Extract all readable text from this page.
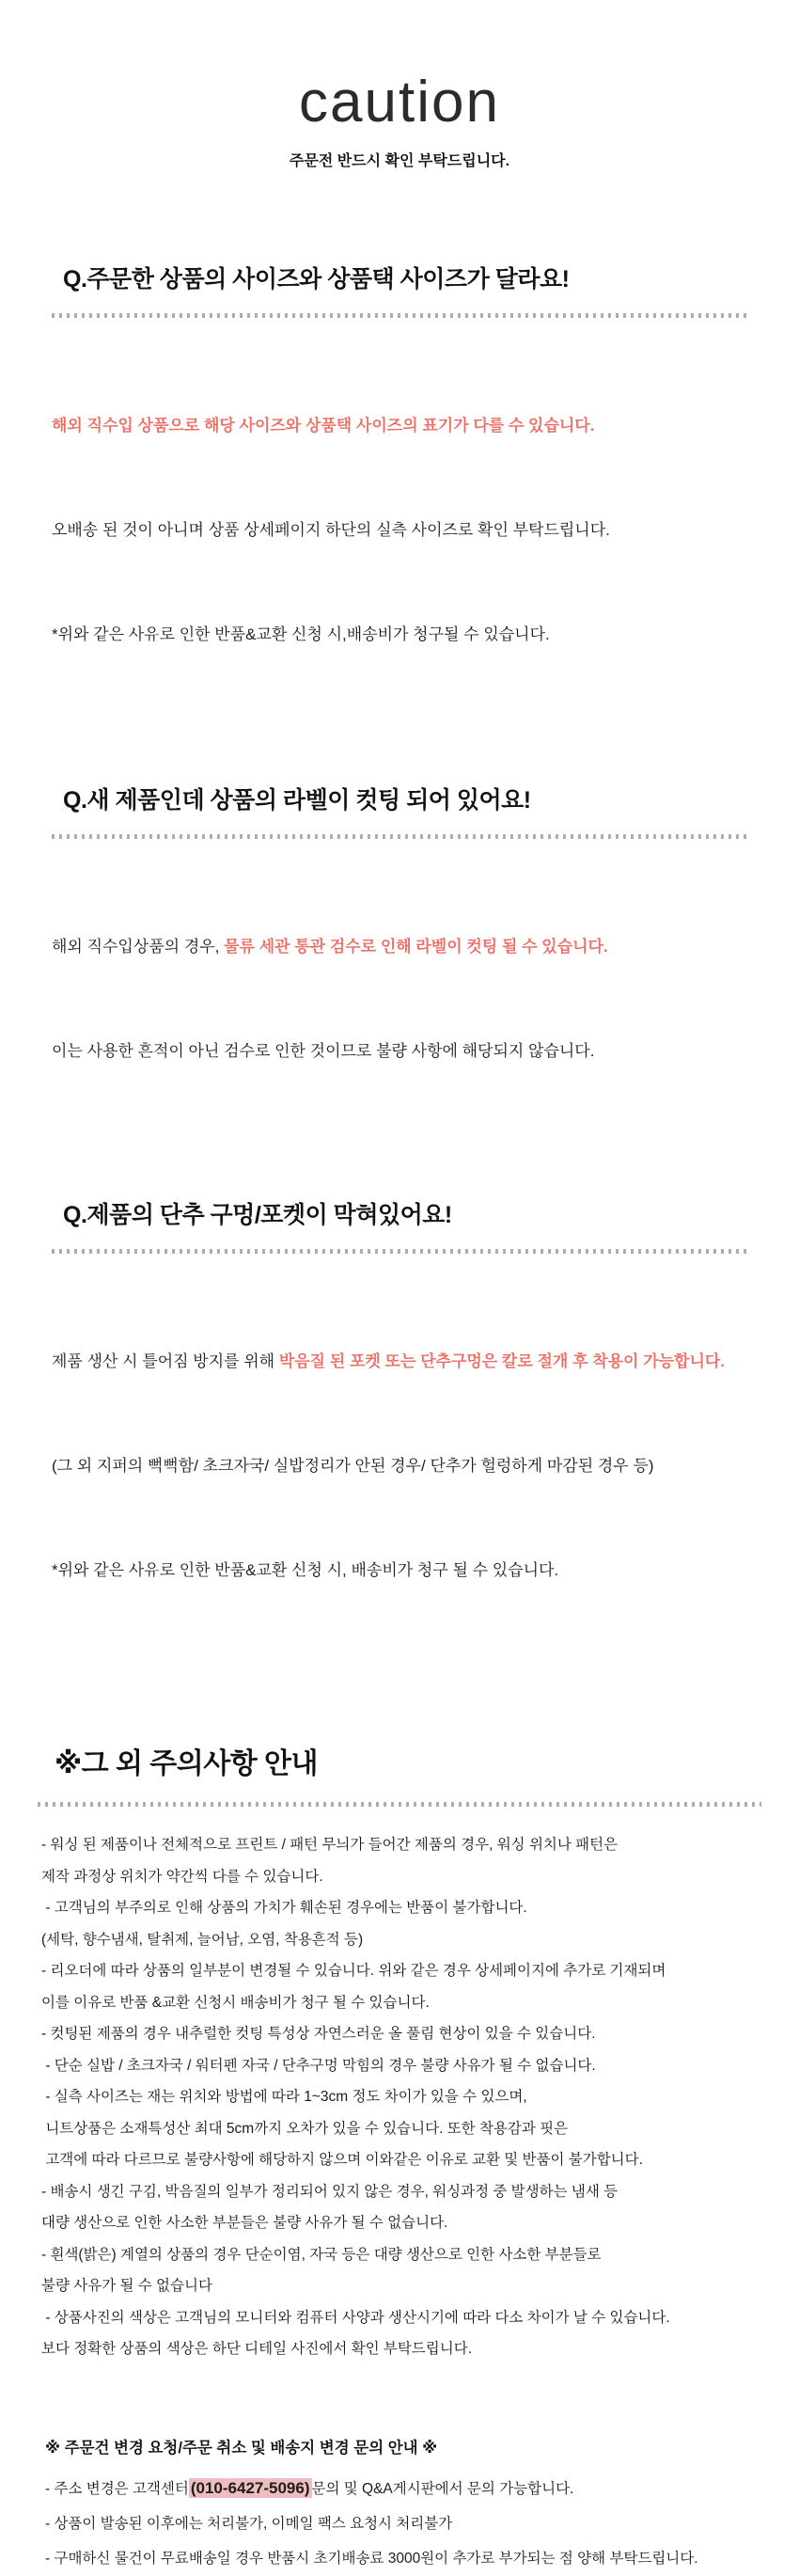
caution
주문전 반드시 확인 부탁드립니다.
Q.주문한 상품의 사이즈와 상품택 사이즈가 달라요!

해외 직수입 상품으로 해당 사이즈와 상품택 사이즈의 표기가 다를 수 있습니다.

오배송 된 것이 아니며 상품 상세페이지 하단의 실측 사이즈로 확인 부탁드립니다.

*위와 같은 사유로 인한 반품&교환 신청 시,배송비가 청구될 수 있습니다.

Q.새 제품인데 상품의 라벨이 컷팅 되어 있어요!

해외 직수입상품의 경우, 물류 세관 통관 검수로 인해 라벨이 컷팅 될 수 있습니다.

이는 사용한 흔적이 아닌 검수로 인한 것이므로 불량 사항에 해당되지 않습니다.

Q.제품의 단추 구멍/포켓이 막혀있어요!

제품 생산 시 틀어짐 방지를 위해 박음질 된 포켓 또는 단추구멍은 칼로 절개 후 착용이 가능합니다.

(그 외 지퍼의 뻑뻑함/ 초크자국/ 실밥정리가 안된 경우/ 단추가 헐렁하게 마감된 경우 등)

*위와 같은 사유로 인한 반품&교환 신청 시, 배송비가 청구 될 수 있습니다.

※그 외 주의사항 안내
- 워싱 된 제품이나 전체적으로 프린트 / 패턴 무늬가 들어간 제품의 경우, 워싱 위치나 패턴은
제작 과정상 위치가 약간씩 다를 수 있습니다.
- 고객님의 부주의로 인해 상품의 가치가 훼손된 경우에는 반품이 불가합니다.
(세탁, 향수냄새, 탈취제, 늘어남, 오염, 착용흔적 등)
- 리오더에 따라 상품의 일부분이 변경될 수 있습니다. 위와 같은 경우 상세페이지에 추가로 기재되며
이를 이유로 반품 &교환 신청시 배송비가 청구 될 수 있습니다.
- 컷팅된 제품의 경우 내추럴한 컷팅 특성상 자연스러운 올 풀림 현상이 있을 수 있습니다.
- 단순 실밥 / 초크자국 / 워터펜 자국 / 단추구멍 막힘의 경우 불량 사유가 될 수 없습니다.
- 실측 사이즈는 재는 위치와 방법에 따라 1~3cm 정도 차이가 있을 수 있으며,
니트상품은 소재특성산 최대 5cm까지 오차가 있을 수 있습니다. 또한 착용감과 핏은
고객에 따라 다르므로 불량사항에 해당하지 않으며 이와같은 이유로 교환 및 반품이 불가합니다.
- 배송시 생긴 구김, 박음질의 일부가 정리되어 있지 않은 경우, 워싱과정 중 발생하는 냄새 등
대량 생산으로 인한 사소한 부분들은 불량 사유가 될 수 없습니다.
- 흰색(밝은) 계열의 상품의 경우 단순이염, 자국 등은 대량 생산으로 인한 사소한 부분들로
불량 사유가 될 수 없습니다
- 상품사진의 색상은 고객님의 모니터와 컴퓨터 사양과 생산시기에 따라 다소 차이가 날 수 있습니다.
보다 정확한 상품의 색상은 하단 디테일 사진에서 확인 부탁드립니다.
※ 주문건 변경 요청/주문 취소 및 배송지 변경 문의 안내 ※
- 주소 변경은 고객센터 (010-6427-5096) 문의 및 Q&A게시판에서 문의 가능합니다.
- 상품이 발송된 이후에는 처리불가, 이메일 팩스 요청시 처리불가
- 구매하신 물건이 무료배송일 경우 반품시 초기배송료 3000원이 추가로 부가되는 점 양해 부탁드립니다.
